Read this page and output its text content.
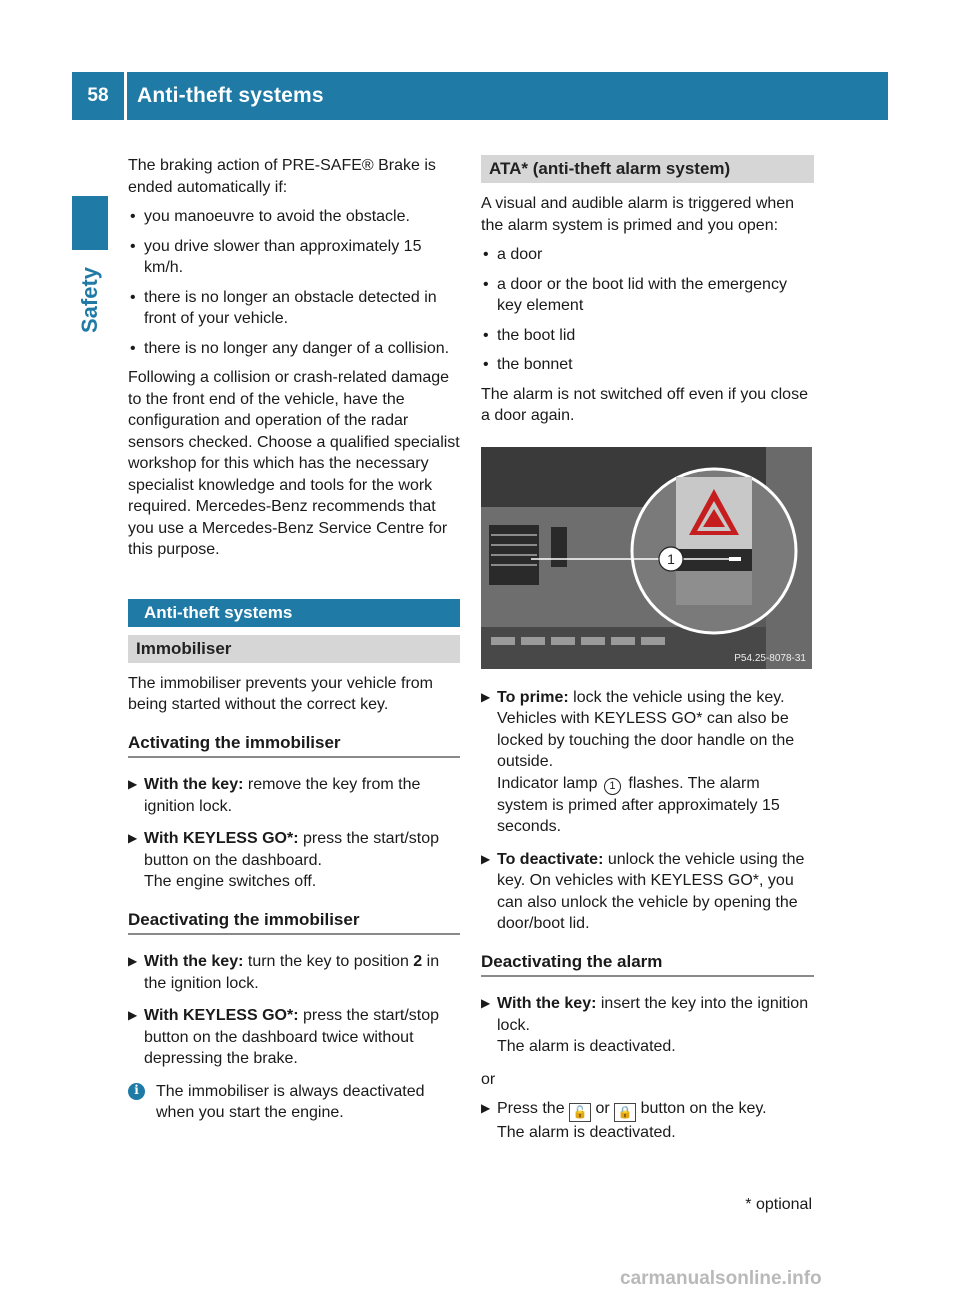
58	Anti-theft systems
Safety

The braking action of PRE-SAFE® Brake is ended automatically if:

• you manoeuvre to avoid the obstacle.
• you drive slower than approximately 15 km/h.
• there is no longer an obstacle detected in front of your vehicle.
• there is no longer any danger of a collision.

Following a collision or crash-related damage to the front end of the vehicle, have the configuration and operation of the radar sensors checked. Choose a qualified specialist workshop for this which has the necessary specialist knowledge and tools for the work required. Mercedes-Benz recommends that you use a Mercedes-Benz Service Centre for this purpose.

Anti-theft systems
Immobiliser

The immobiliser prevents your vehicle from being started without the correct key.

Activating the immobiliser
▶ With the key: remove the key from the ignition lock.
▶ With KEYLESS GO*: press the start/stop button on the dashboard.
The engine switches off.
Deactivating the immobiliser
▶ With the key: turn the key to position 2 in the ignition lock.
▶ With KEYLESS GO*: press the start/stop button on the dashboard twice without depressing the brake.
i	The immobiliser is always deactivated when you start the engine.
ATA* (anti-theft alarm system)

A visual and audible alarm is triggered when the alarm system is primed and you open:

• a door
• a door or the boot lid with the emergency key element
• the boot lid
• the bonnet

The alarm is not switched off even if you close a door again.

1
P54.25-8078-31
▶ To prime: lock the vehicle using the key.
Vehicles with KEYLESS GO* can also be locked by touching the door handle on the outside.
Indicator lamp 1 flashes. The alarm system is primed after approximately 15 seconds.
▶ To deactivate: unlock the vehicle using the key. On vehicles with KEYLESS GO*, you can also unlock the vehicle by opening the door/boot lid.
Deactivating the alarm
▶ With the key: insert the key into the ignition lock.
The alarm is deactivated.

or

▶ Press the 🔓 or 🔒 button on the key.
The alarm is deactivated.
* optional
carmanualsonline.info
